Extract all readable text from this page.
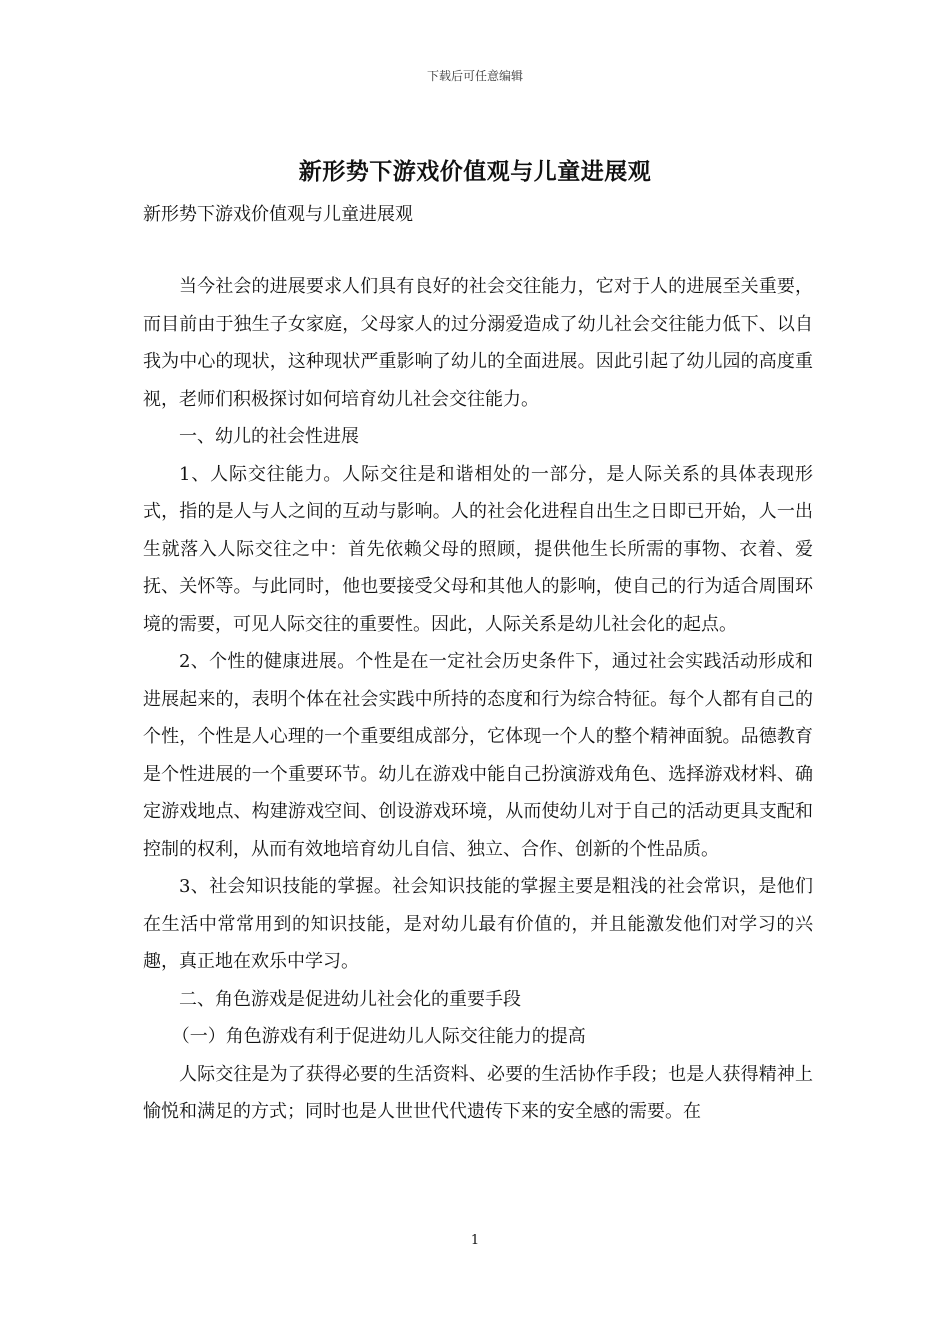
下载后可任意编辑
新形势下游戏价值观与儿童进展观
新形势下游戏价值观与儿童进展观

当今社会的进展要求人们具有良好的社会交往能力，它对于人的进展至关重要，而目前由于独生子女家庭，父母家人的过分溺爱造成了幼儿社会交往能力低下、以自我为中心的现状，这种现状严重影响了幼儿的全面进展。因此引起了幼儿园的高度重视，老师们积极探讨如何培育幼儿社会交往能力。

一、幼儿的社会性进展

1、人际交往能力。人际交往是和谐相处的一部分，是人际关系的具体表现形式，指的是人与人之间的互动与影响。人的社会化进程自出生之日即已开始，人一出生就落入人际交往之中：首先依赖父母的照顾，提供他生长所需的事物、衣着、爱抚、关怀等。与此同时，他也要接受父母和其他人的影响，使自己的行为适合周围环境的需要，可见人际交往的重要性。因此，人际关系是幼儿社会化的起点。

2、个性的健康进展。个性是在一定社会历史条件下，通过社会实践活动形成和进展起来的，表明个体在社会实践中所持的态度和行为综合特征。每个人都有自己的个性，个性是人心理的一个重要组成部分，它体现一个人的整个精神面貌。品德教育是个性进展的一个重要环节。幼儿在游戏中能自己扮演游戏角色、选择游戏材料、确定游戏地点、构建游戏空间、创设游戏环境，从而使幼儿对于自己的活动更具支配和控制的权利，从而有效地培育幼儿自信、独立、合作、创新的个性品质。

3、社会知识技能的掌握。社会知识技能的掌握主要是粗浅的社会常识，是他们在生活中常常用到的知识技能，是对幼儿最有价值的，并且能激发他们对学习的兴趣，真正地在欢乐中学习。

二、角色游戏是促进幼儿社会化的重要手段

（一）角色游戏有利于促进幼儿人际交往能力的提高

人际交往是为了获得必要的生活资料、必要的生活协作手段；也是人获得精神上愉悦和满足的方式；同时也是人世世代代遗传下来的安全感的需要。在

1
